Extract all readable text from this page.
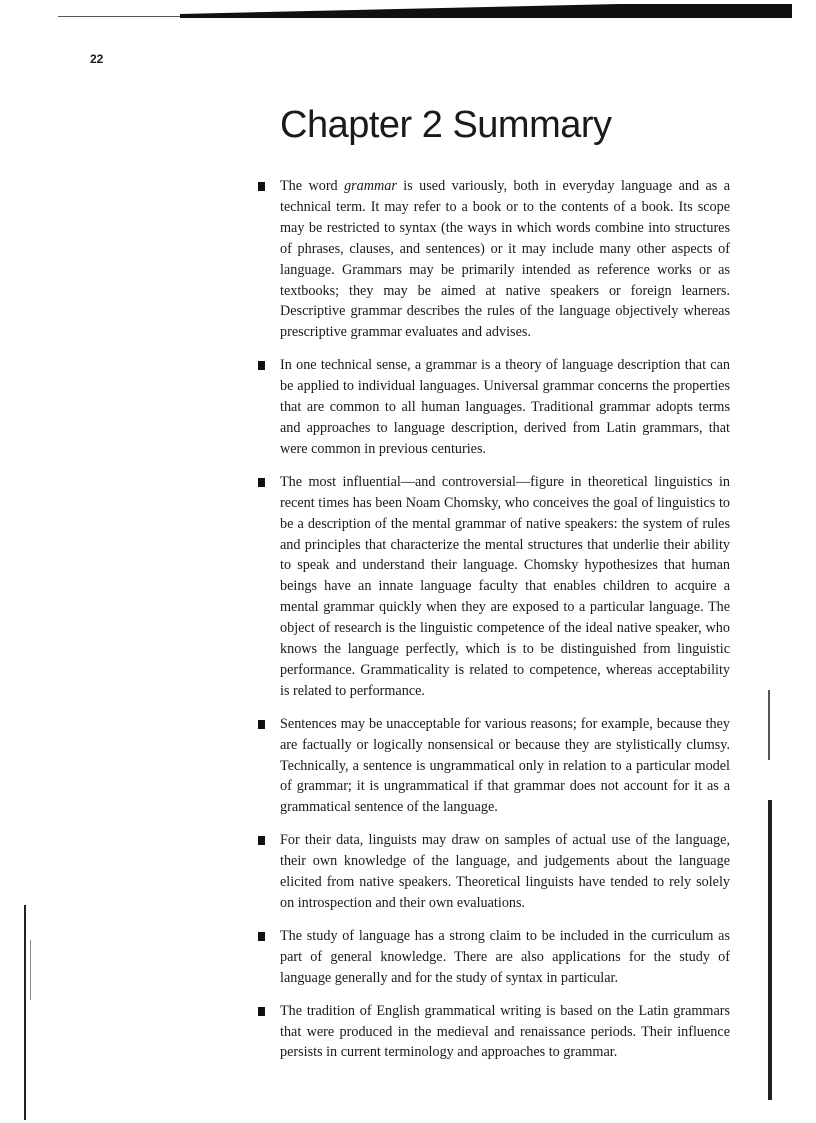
22
Chapter 2 Summary
The word grammar is used variously, both in everyday language and as a technical term. It may refer to a book or to the contents of a book. Its scope may be restricted to syntax (the ways in which words combine into structures of phrases, clauses, and sentences) or it may include many other aspects of language. Grammars may be primarily intended as reference works or as textbooks; they may be aimed at native speakers or foreign learners. Descriptive grammar describes the rules of the language objectively whereas prescriptive grammar evaluates and advises.
In one technical sense, a grammar is a theory of language description that can be applied to individual languages. Universal grammar concerns the properties that are common to all human languages. Traditional grammar adopts terms and approaches to language description, derived from Latin grammars, that were common in previous centuries.
The most influential—and controversial—figure in theoretical linguistics in recent times has been Noam Chomsky, who conceives the goal of linguistics to be a description of the mental grammar of native speakers: the system of rules and principles that characterize the mental structures that underlie their ability to speak and understand their language. Chomsky hypothesizes that human beings have an innate language faculty that enables children to acquire a mental grammar quickly when they are exposed to a particular language. The object of research is the linguistic competence of the ideal native speaker, who knows the language perfectly, which is to be distinguished from linguistic performance. Grammaticality is related to competence, whereas acceptability is related to performance.
Sentences may be unacceptable for various reasons; for example, because they are factually or logically nonsensical or because they are stylistically clumsy. Technically, a sentence is ungrammatical only in relation to a particular model of grammar; it is ungrammatical if that grammar does not account for it as a grammatical sentence of the language.
For their data, linguists may draw on samples of actual use of the language, their own knowledge of the language, and judgements about the language elicited from native speakers. Theoretical linguists have tended to rely solely on introspection and their own evaluations.
The study of language has a strong claim to be included in the curriculum as part of general knowledge. There are also applications for the study of language generally and for the study of syntax in particular.
The tradition of English grammatical writing is based on the Latin grammars that were produced in the medieval and renaissance periods. Their influence persists in current terminology and approaches to grammar.
